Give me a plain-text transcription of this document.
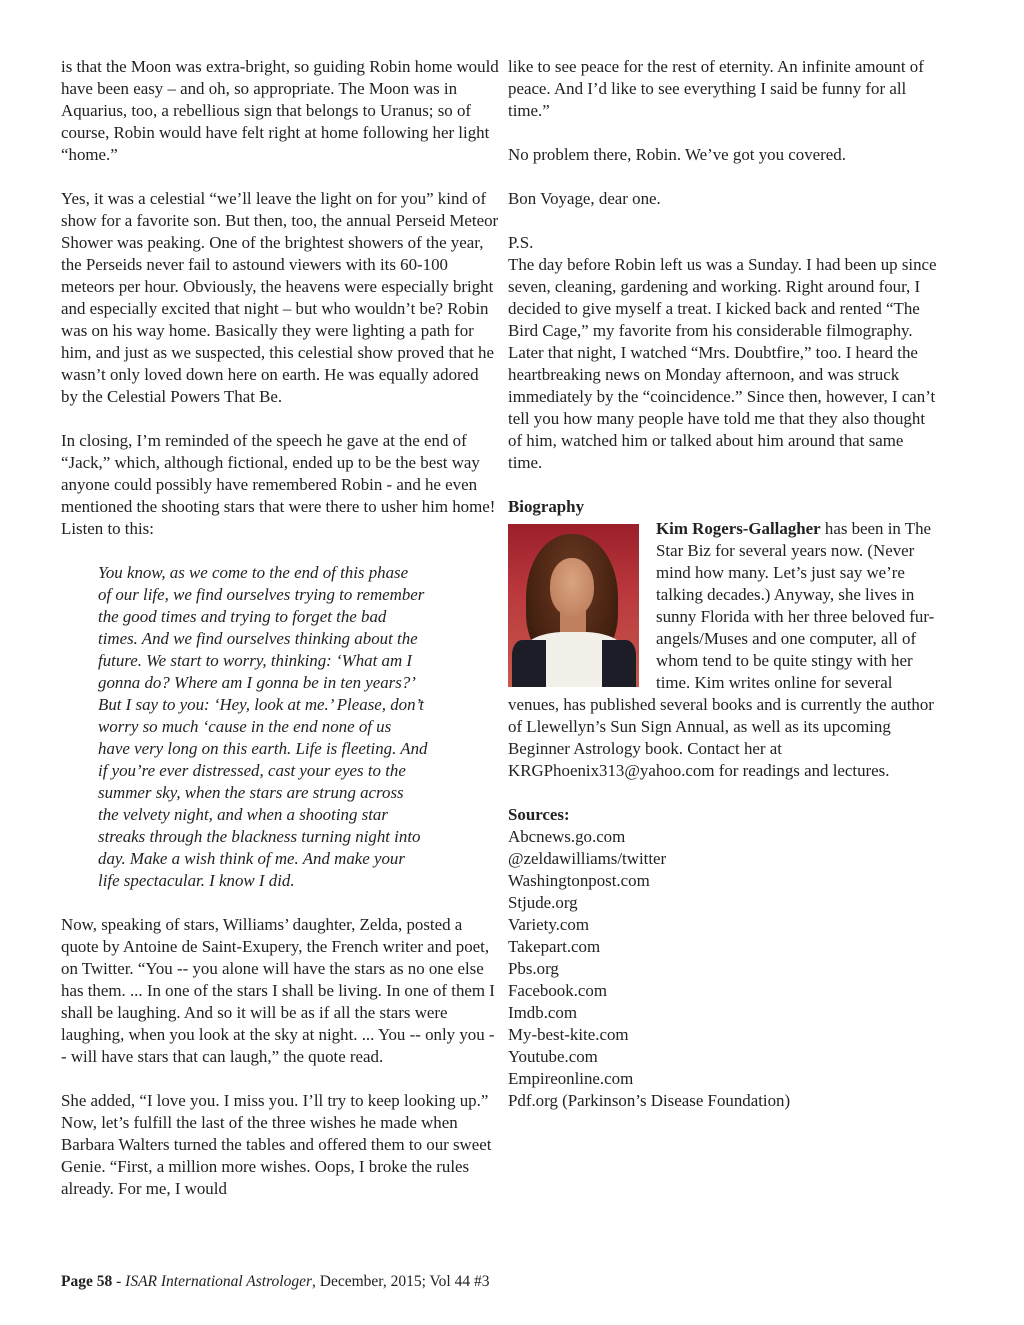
is that the Moon was extra-bright, so guiding Robin home would have been easy – and oh, so appropriate. The Moon was in Aquarius, too, a rebellious sign that belongs to Uranus; so of course, Robin would have felt right at home following her light “home.”

Yes, it was a celestial “we’ll leave the light on for you” kind of show for a favorite son. But then, too, the annual Perseid Meteor Shower was peaking. One of the brightest showers of the year, the Perseids never fail to astound viewers with its 60-100 meteors per hour. Obviously, the heavens were especially bright and especially excited that night – but who wouldn’t be? Robin was on his way home. Basically they were lighting a path for him, and just as we suspected, this celestial show proved that he wasn’t only loved down here on earth. He was equally adored by the Celestial Powers That Be.

In closing, I’m reminded of the speech he gave at the end of “Jack,” which, although fictional, ended up to be the best way anyone could possibly have remembered Robin - and he even mentioned the shooting stars that were there to usher him home! Listen to this:

You know, as we come to the end of this phase
of our life, we find ourselves trying to remember
the good times and trying to forget the bad
times. And we find ourselves thinking about the
future. We start to worry, thinking: ‘What am I
gonna do? Where am I gonna be in ten years?’
But I say to you: ‘Hey, look at me.’ Please, don’t
worry so much ‘cause in the end none of us
have very long on this earth. Life is fleeting. And
if you’re ever distressed, cast your eyes to the
summer sky, when the stars are strung across
the velvety night, and when a shooting star
streaks through the blackness turning night into
day. Make a wish think of me. And make your
life spectacular. I know I did.

Now, speaking of stars, Williams’ daughter, Zelda, posted a quote by Antoine de Saint-Exupery, the French writer and poet, on Twitter. “You -- you alone will have the stars as no one else has them. ... In one of the stars I shall be living. In one of them I shall be laughing. And so it will be as if all the stars were laughing, when you look at the sky at night. ... You -- only you -- will have stars that can laugh,” the quote read.

She added, “I love you. I miss you. I’ll try to keep looking up.” Now, let’s fulfill the last of the three wishes he made when Barbara Walters turned the tables and offered them to our sweet Genie. “First, a million more wishes. Oops, I broke the rules already. For me, I would

like to see peace for the rest of eternity. An infinite amount of peace. And I’d like to see everything I said be funny for all time.”

No problem there, Robin. We’ve got you covered.

Bon Voyage, dear one.

P.S.

The day before Robin left us was a Sunday. I had been up since seven, cleaning, gardening and working. Right around four, I decided to give myself a treat. I kicked back and rented “The Bird Cage,” my favorite from his considerable filmography. Later that night, I watched “Mrs. Doubtfire,” too. I heard the heartbreaking news on Monday afternoon, and was struck immediately by the “coincidence.” Since then, however, I can’t tell you how many people have told me that they also thought of him, watched him or talked about him around that same time.

Biography

Kim Rogers-Gallagher has been in The Star Biz for several years now. (Never mind how many. Let’s just say we’re talking decades.) Anyway, she lives in sunny Florida with her three beloved fur-angels/Muses and one computer, all of whom tend to be quite stingy with her time. Kim writes online for several venues, has published several books and is currently the author of Llewellyn’s Sun Sign Annual, as well as its upcoming Beginner Astrology book. Contact her at KRGPhoenix313@yahoo.com for readings and lectures.

Sources:

Abcnews.go.com
@zeldawilliams/twitter
Washingtonpost.com
Stjude.org
Variety.com
Takepart.com
Pbs.org
Facebook.com
Imdb.com
My-best-kite.com
Youtube.com
Empireonline.com
Pdf.org (Parkinson’s Disease Foundation)
Page 58 - ISAR International Astrologer, December, 2015; Vol 44 #3
